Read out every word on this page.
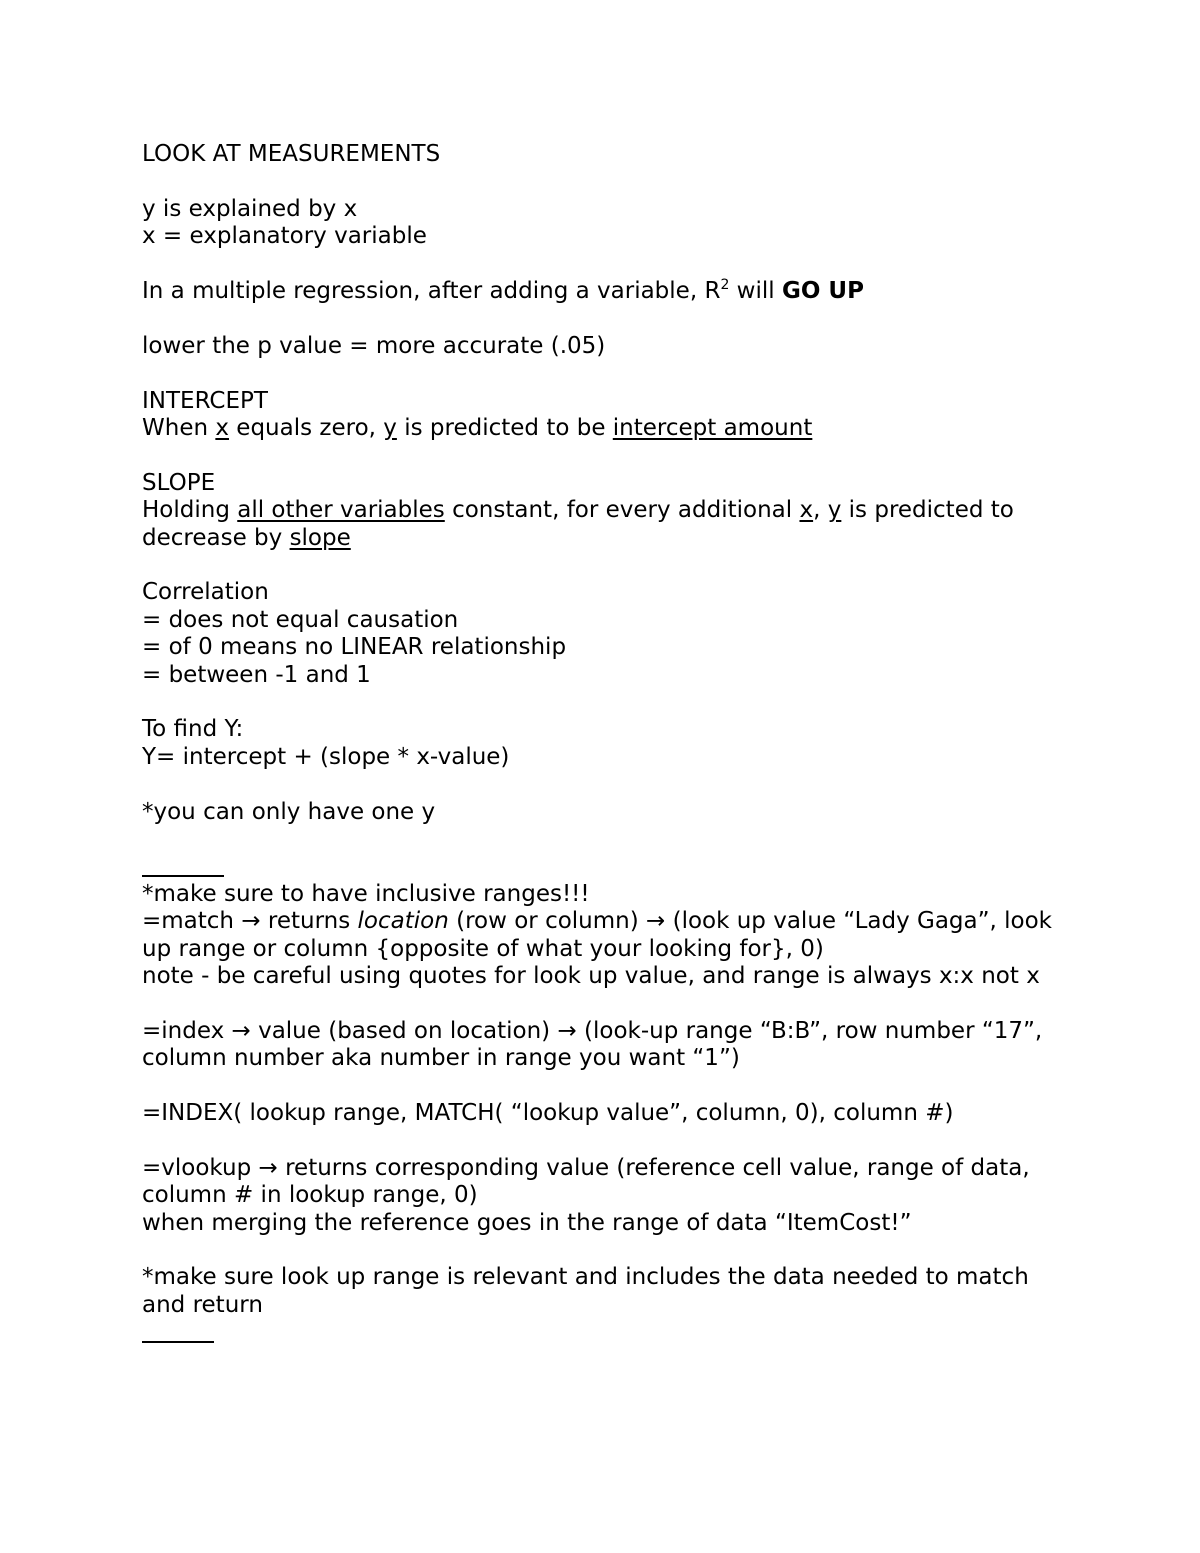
LOOK AT MEASUREMENTS

y is explained by x

x = explanatory variable

In a multiple regression, after adding a variable, $R^2$ will GO UP

lower the p value = more accurate (.05)

INTERCEPT

When x equals zero, y is predicted to be intercept amount

SLOPE

Holding all other variables constant, for every additional x, y is predicted to decrease by slope

Correlation

= does not equal causation

= of 0 means no LINEAR relationship

= between -1 and 1

To find Y:

Y= intercept + (slope * x-value)

*you can only have one y

*make sure to have inclusive ranges!!!

=match → returns location (row or column) → (look up value “Lady Gaga”, look up range or column {opposite of what your looking for}, 0)

note - be careful using quotes for look up value, and range is always x:x not x

=index → value (based on location) → (look-up range “B:B”, row number “17”, column number aka number in range you want “1”)

=INDEX( lookup range, MATCH( “lookup value”, column, 0), column #)

=vlookup → returns corresponding value (reference cell value, range of data, column # in lookup range, 0)

when merging the reference goes in the range of data “ItemCost!”

*make sure look up range is relevant and includes the data needed to match and return
